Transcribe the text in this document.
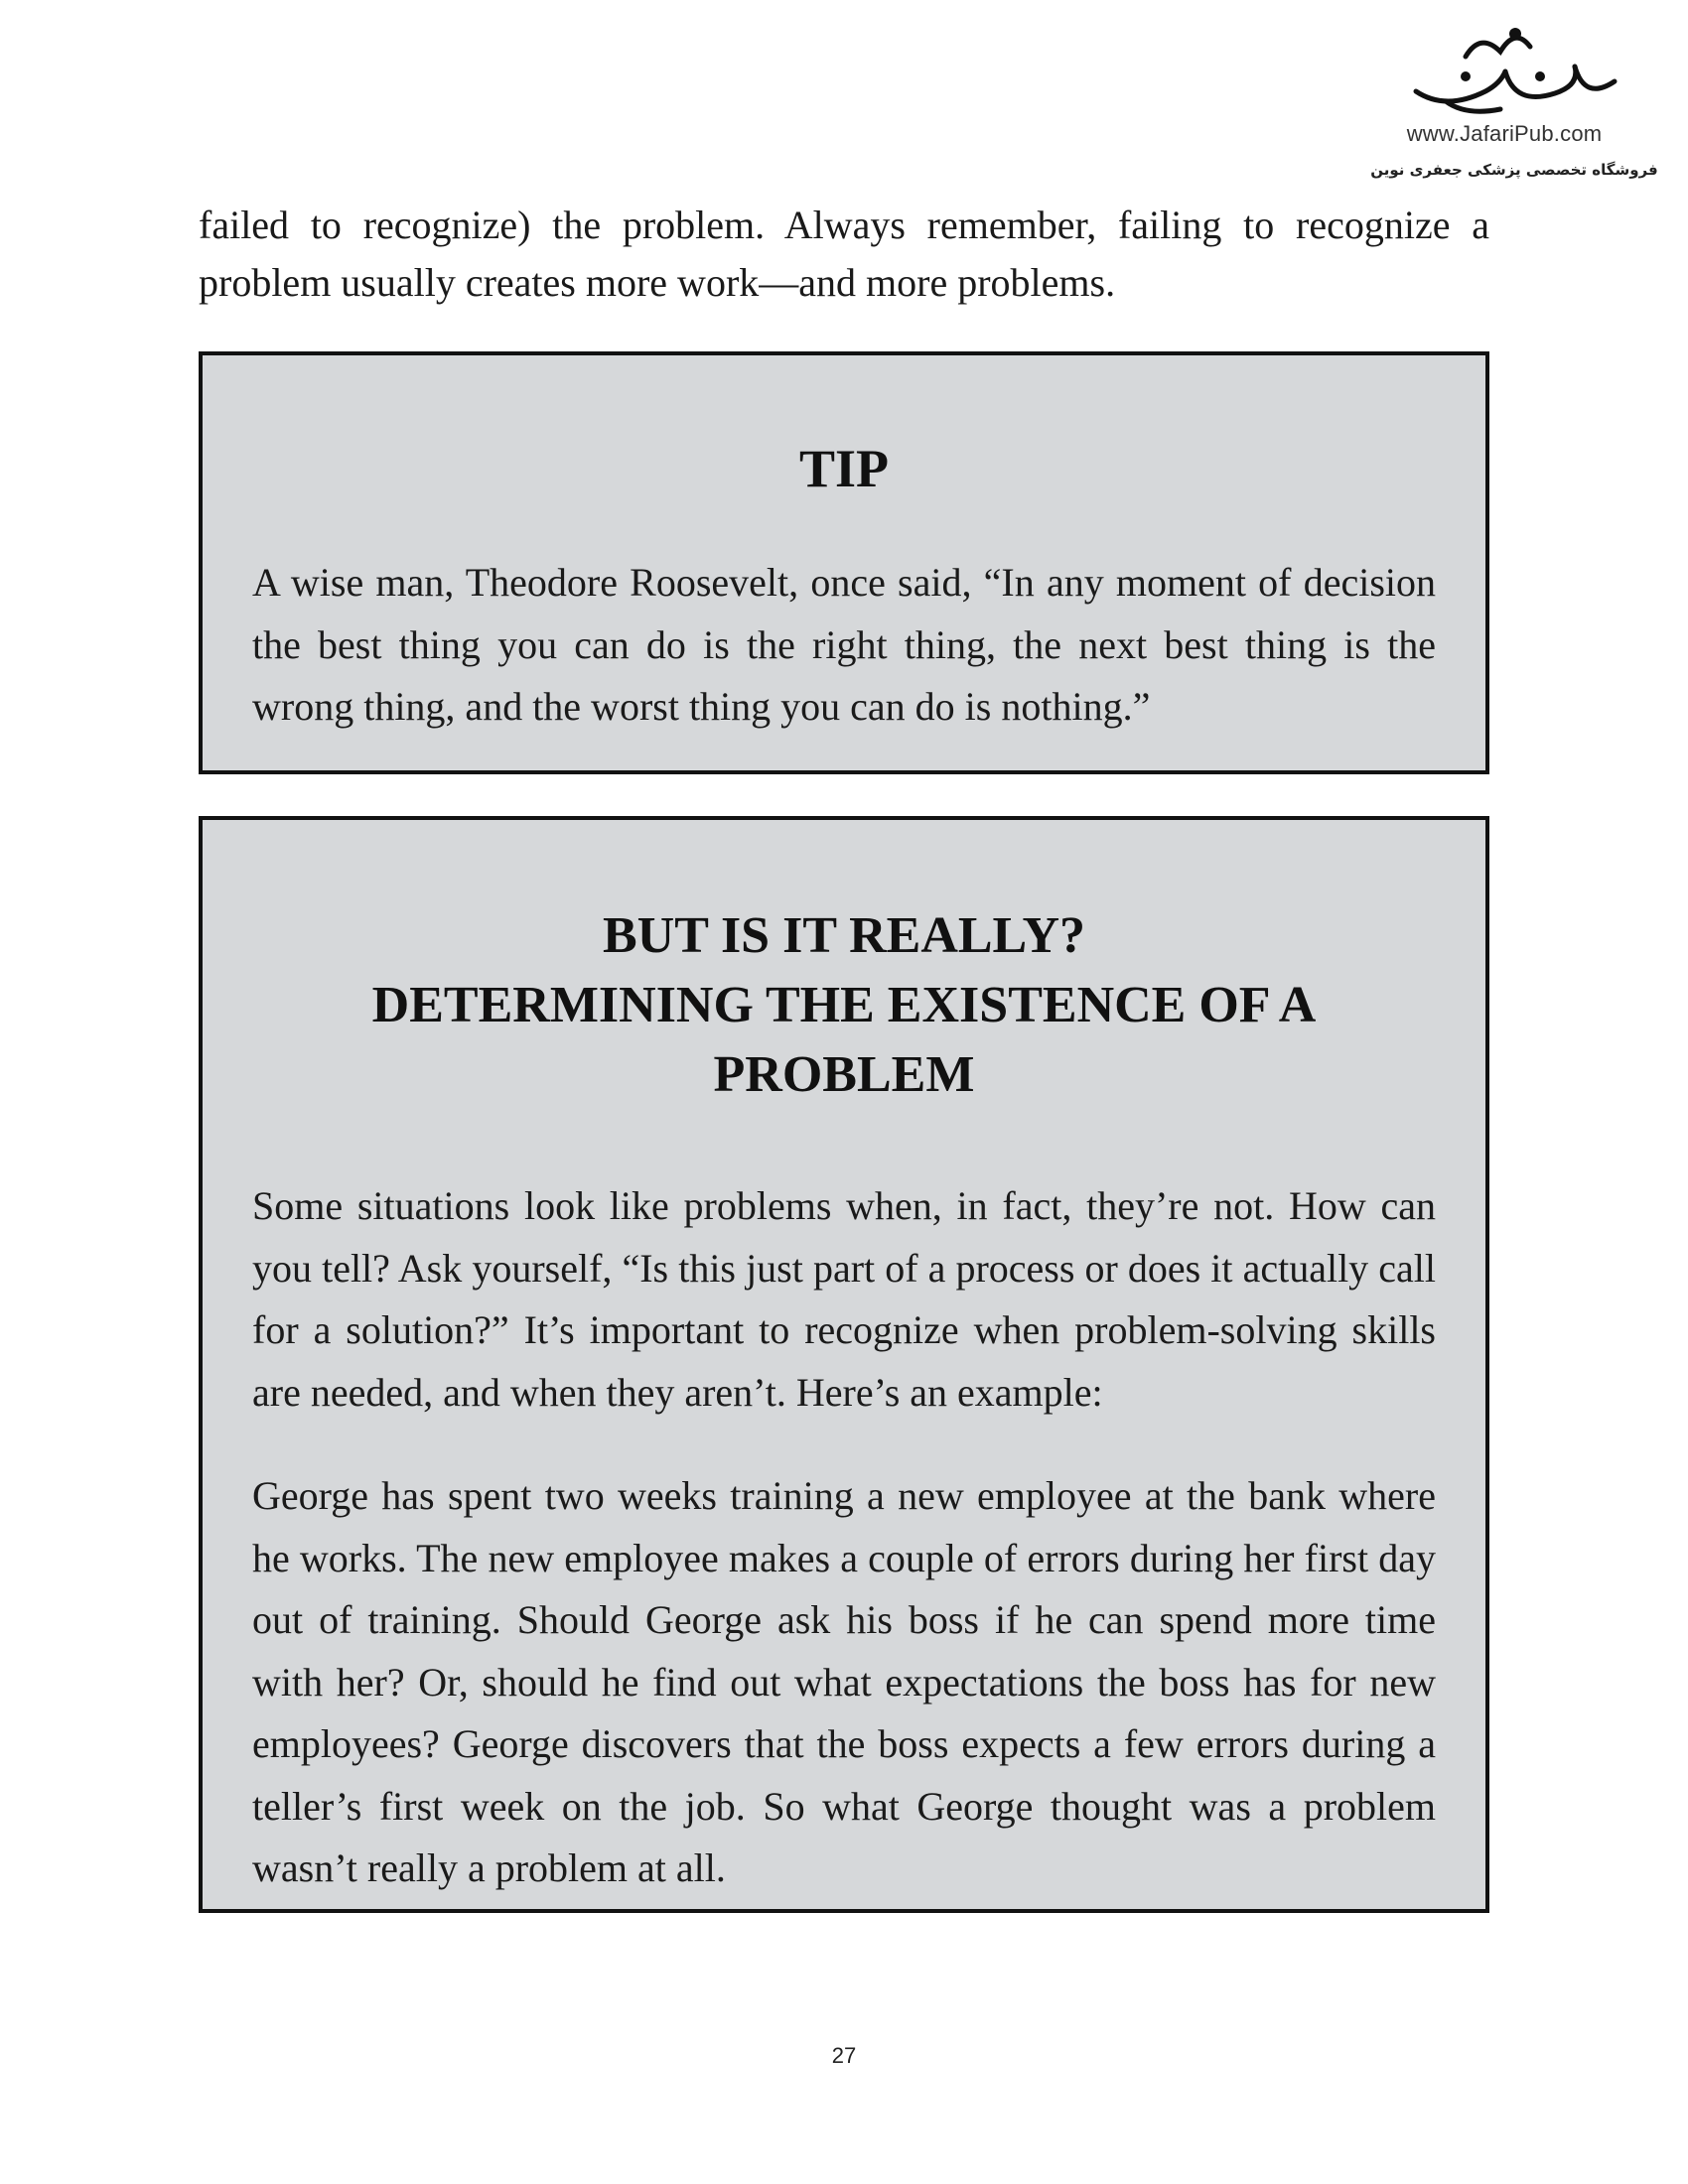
www.JafariPub.com
فروشگاه تخصصی پزشکی جعفری نوین

failed to recognize) the problem. Always remember, failing to recognize a problem usually creates more work—and more problems.

TIP

A wise man, Theodore Roosevelt, once said, “In any moment of decision the best thing you can do is the right thing, the next best thing is the wrong thing, and the worst thing you can do is nothing.”

BUT IS IT REALLY?
DETERMINING THE EXISTENCE OF A
PROBLEM

Some situations look like problems when, in fact, they’re not. How can you tell? Ask yourself, “Is this just part of a process or does it actually call for a solution?” It’s important to recognize when problem-solving skills are needed, and when they aren’t. Here’s an example:

George has spent two weeks training a new employee at the bank where he works. The new employee makes a couple of errors during her first day out of training. Should George ask his boss if he can spend more time with her? Or, should he find out what expectations the boss has for new employees? George discovers that the boss expects a few errors during a teller’s first week on the job. So what George thought was a problem wasn’t really a problem at all.

27
